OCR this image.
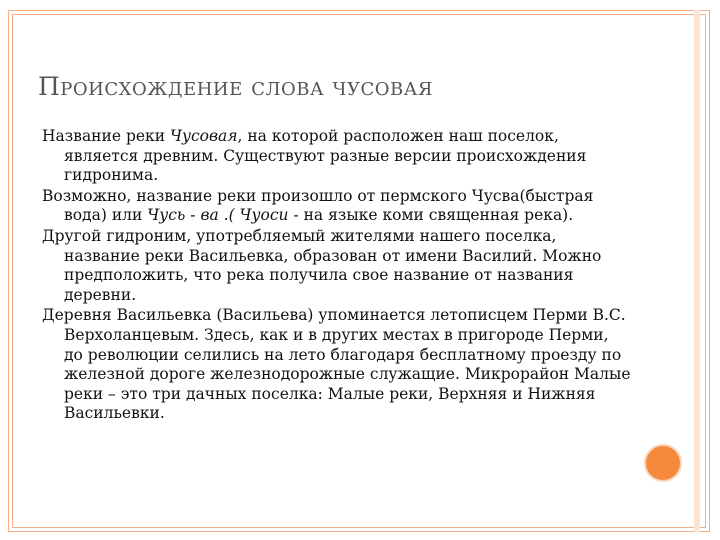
Происхождение слова чусовая

Название реки Чусовая, на которой расположен наш поселок, является древним. Существуют разные версии происхождения гидронима.

Возможно, название реки произошло от пермского Чусва(быстрая вода) или Чусь - ва .( Чуоси - на языке коми священная река).

Другой гидроним, употребляемый жителями нашего поселка, название реки Васильевка, образован от имени Василий. Можно предположить, что река получила свое название от названия деревни.

Деревня Васильевка (Васильева) упоминается летописцем Перми В.С. Верхоланцевым. Здесь, как и в других местах в пригороде Перми, до революции селились на лето благодаря бесплатному проезду по железной дороге железнодорожные служащие. Микрорайон Малые реки – это три дачных поселка: Малые реки, Верхняя и Нижняя Васильевки.
